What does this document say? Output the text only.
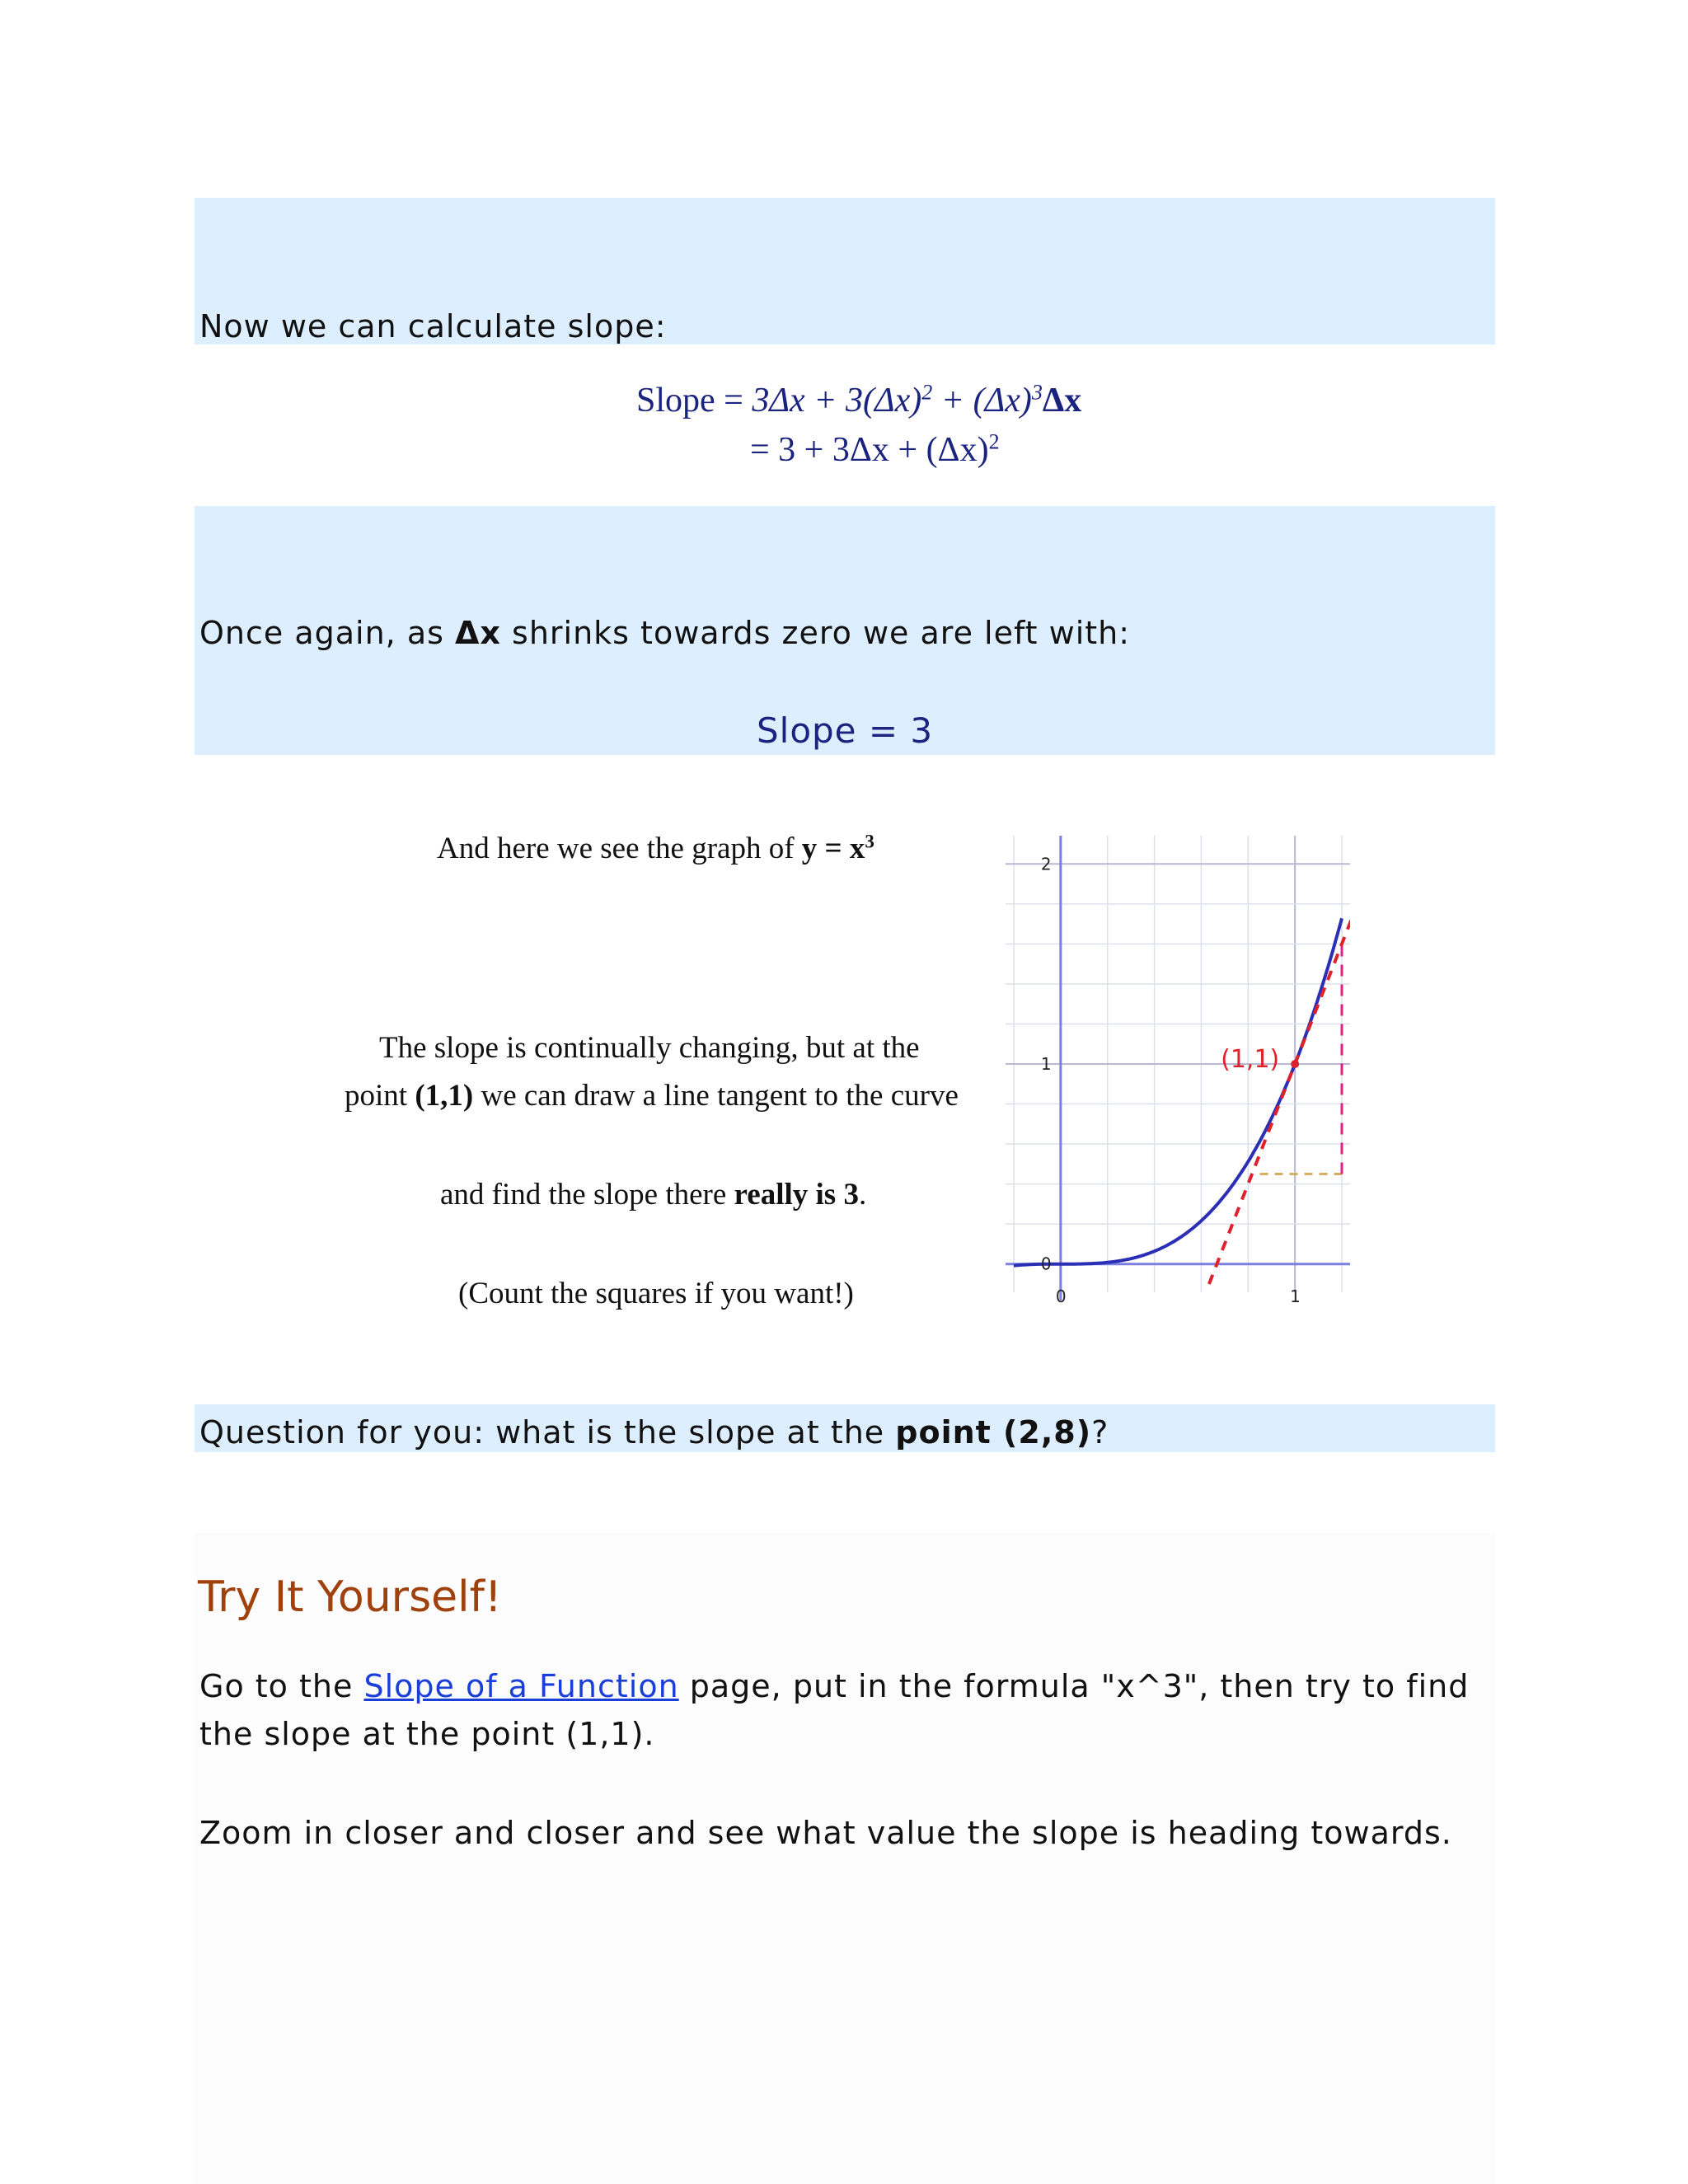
Now we can calculate slope:
Slope = $3\Delta x + 3(\Delta x)^2 + (\Delta x)^3\Delta x$
= $3 + 3\Delta x + (\Delta x)^2$
Once again, as Δx shrinks towards zero we are left with:
Slope = 3
And here we see the graph of $y = x^3$
The slope is continually changing, but at the
point (1,1) we can draw a line tangent to the curve
and find the slope there really is 3.
(Count the squares if you want!)
(1,1)
0	1
0
1
2
Question for you: what is the slope at the point (2,8)?
Try It Yourself!
Go to the Slope of a Function page, put in the formula "x^3", then try to find
the slope at the point (1,1).
Zoom in closer and closer and see what value the slope is heading towards.
